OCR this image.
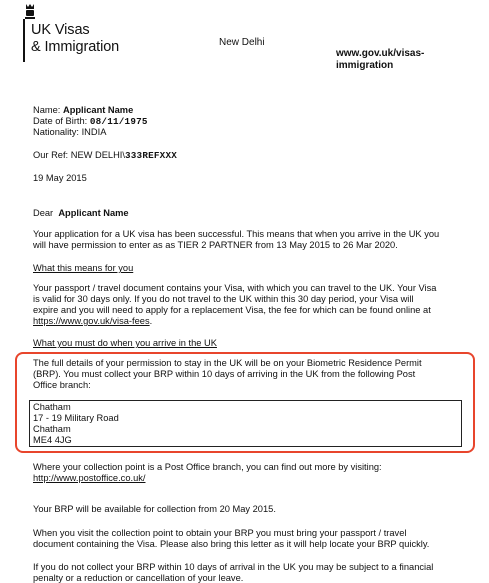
UK Visas
& Immigration	New Delhi
www.gov.uk/visas-
immigration
Name: Applicant Name
Date of Birth: 08/11/1975
Nationality: INDIA
Our Ref: NEW DELHI\333REFXXX
19 May 2015
Dear Applicant Name
Your application for a UK visa has been successful. This means that when you arrive in the UK you
will have permission to enter as as TIER 2 PARTNER from 13 May 2015 to 26 Mar 2020.
What this means for you
Your passport / travel document contains your Visa, with which you can travel to the UK. Your Visa
is valid for 30 days only. If you do not travel to the UK within this 30 day period, your Visa will
expire and you will need to apply for a replacement Visa, the fee for which can be found online at
https://www.gov.uk/visa-fees.
What you must do when you arrive in the UK
The full details of your permission to stay in the UK will be on your Biometric Residence Permit
(BRP). You must collect your BRP within 10 days of arriving in the UK from the following Post
Office branch:
Chatham
17 - 19 Military Road
Chatham
ME4 4JG
Where your collection point is a Post Office branch, you can find out more by visiting:
http://www.postoffice.co.uk/
Your BRP will be available for collection from 20 May 2015.
When you visit the collection point to obtain your BRP you must bring your passport / travel
document containing the Visa. Please also bring this letter as it will help locate your BRP quickly.
If you do not collect your BRP within 10 days of arrival in the UK you may be subject to a financial
penalty or a reduction or cancellation of your leave.
